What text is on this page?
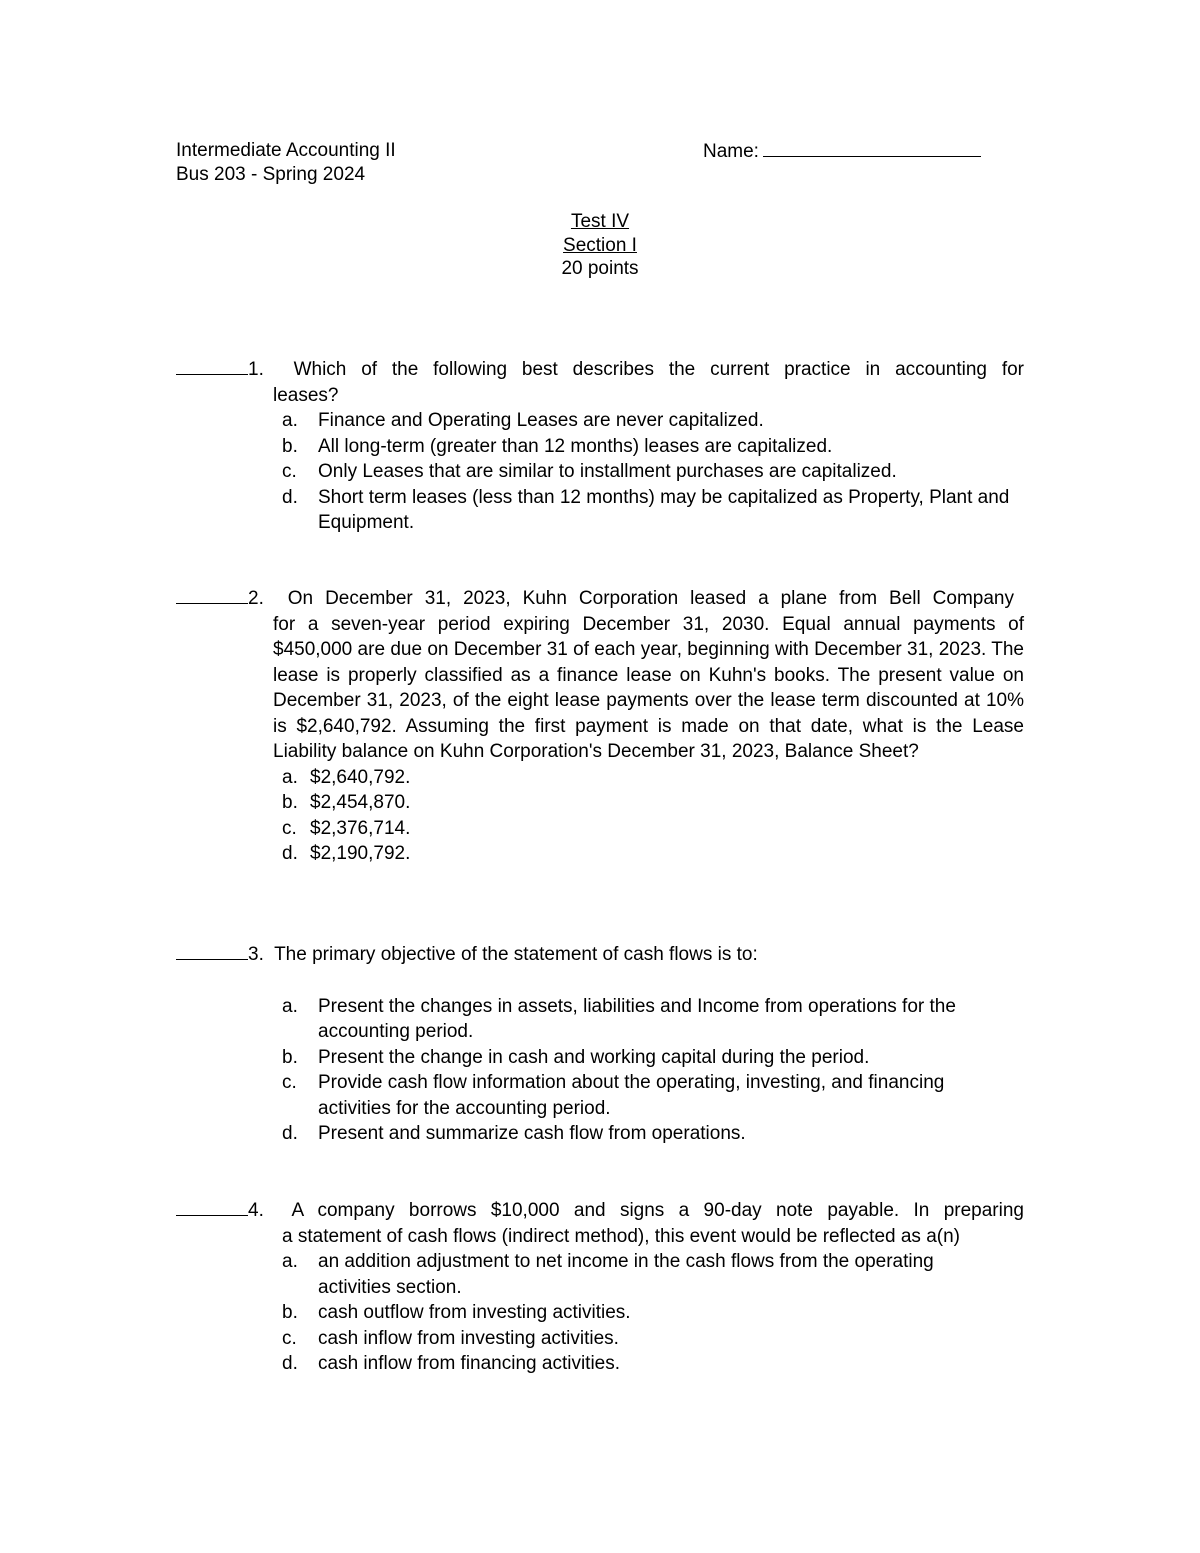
Intermediate Accounting II
Bus 203 - Spring 2024
Name:
Test IV
Section I
20 points
1. Which of the following best describes the current practice in accounting for
leases?
a. Finance and Operating Leases are never capitalized.
b. All long-term (greater than 12 months) leases are capitalized.
c. Only Leases that are similar to installment purchases are capitalized.
d. Short term leases (less than 12 months) may be capitalized as Property, Plant and Equipment.
2. On December 31, 2023, Kuhn Corporation leased a plane from Bell Company
for a seven-year period expiring December 31, 2030. Equal annual payments of $450,000 are due on December 31 of each year, beginning with December 31, 2023. The lease is properly classified as a finance lease on Kuhn's books. The present value on December 31, 2023, of the eight lease payments over the lease term discounted at 10% is $2,640,792. Assuming the first payment is made on that date, what is the Lease Liability balance on Kuhn Corporation's December 31, 2023, Balance Sheet?
a. $2,640,792.
b. $2,454,870.
c. $2,376,714.
d. $2,190,792.
3. The primary objective of the statement of cash flows is to:
a. Present the changes in assets, liabilities and Income from operations for the accounting period.
b. Present the change in cash and working capital during the period.
c. Provide cash flow information about the operating, investing, and financing activities for the accounting period.
d. Present and summarize cash flow from operations.
4. A company borrows $10,000 and signs a 90-day note payable. In preparing
a statement of cash flows (indirect method), this event would be reflected as a(n)
a. an addition adjustment to net income in the cash flows from the operating activities section.
b. cash outflow from investing activities.
c. cash inflow from investing activities.
d. cash inflow from financing activities.
